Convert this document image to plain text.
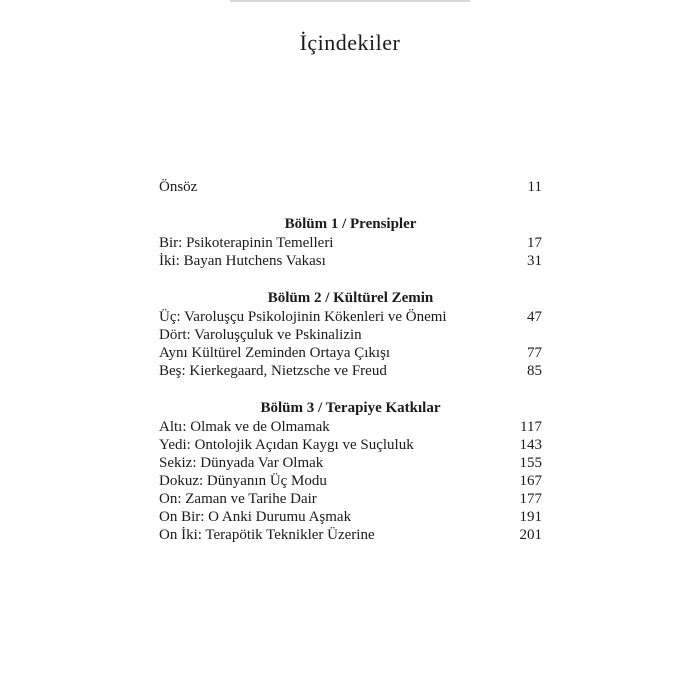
İçindekiler
Önsöz	11
Bölüm 1 / Prensipler
Bir: Psikoterapinin Temelleri	17
İki: Bayan Hutchens Vakası	31
Bölüm 2 / Kültürel Zemin
Üç: Varoluşçu Psikolojinin Kökenleri ve Önemi	47
Dört: Varoluşçuluk ve Pskinalizin
Aynı Kültürel Zeminden Ortaya Çıkışı	77
Beş: Kierkegaard, Nietzsche ve Freud	85
Bölüm 3 / Terapiye Katkılar
Altı: Olmak ve de Olmamak	117
Yedi: Ontolojik Açıdan Kaygı ve Suçluluk	143
Sekiz: Dünyada Var Olmak	155
Dokuz: Dünyanın Üç Modu	167
On: Zaman ve Tarihe Dair	177
On Bir: O Anki Durumu Aşmak	191
On İki: Terapötik Teknikler Üzerine	201
